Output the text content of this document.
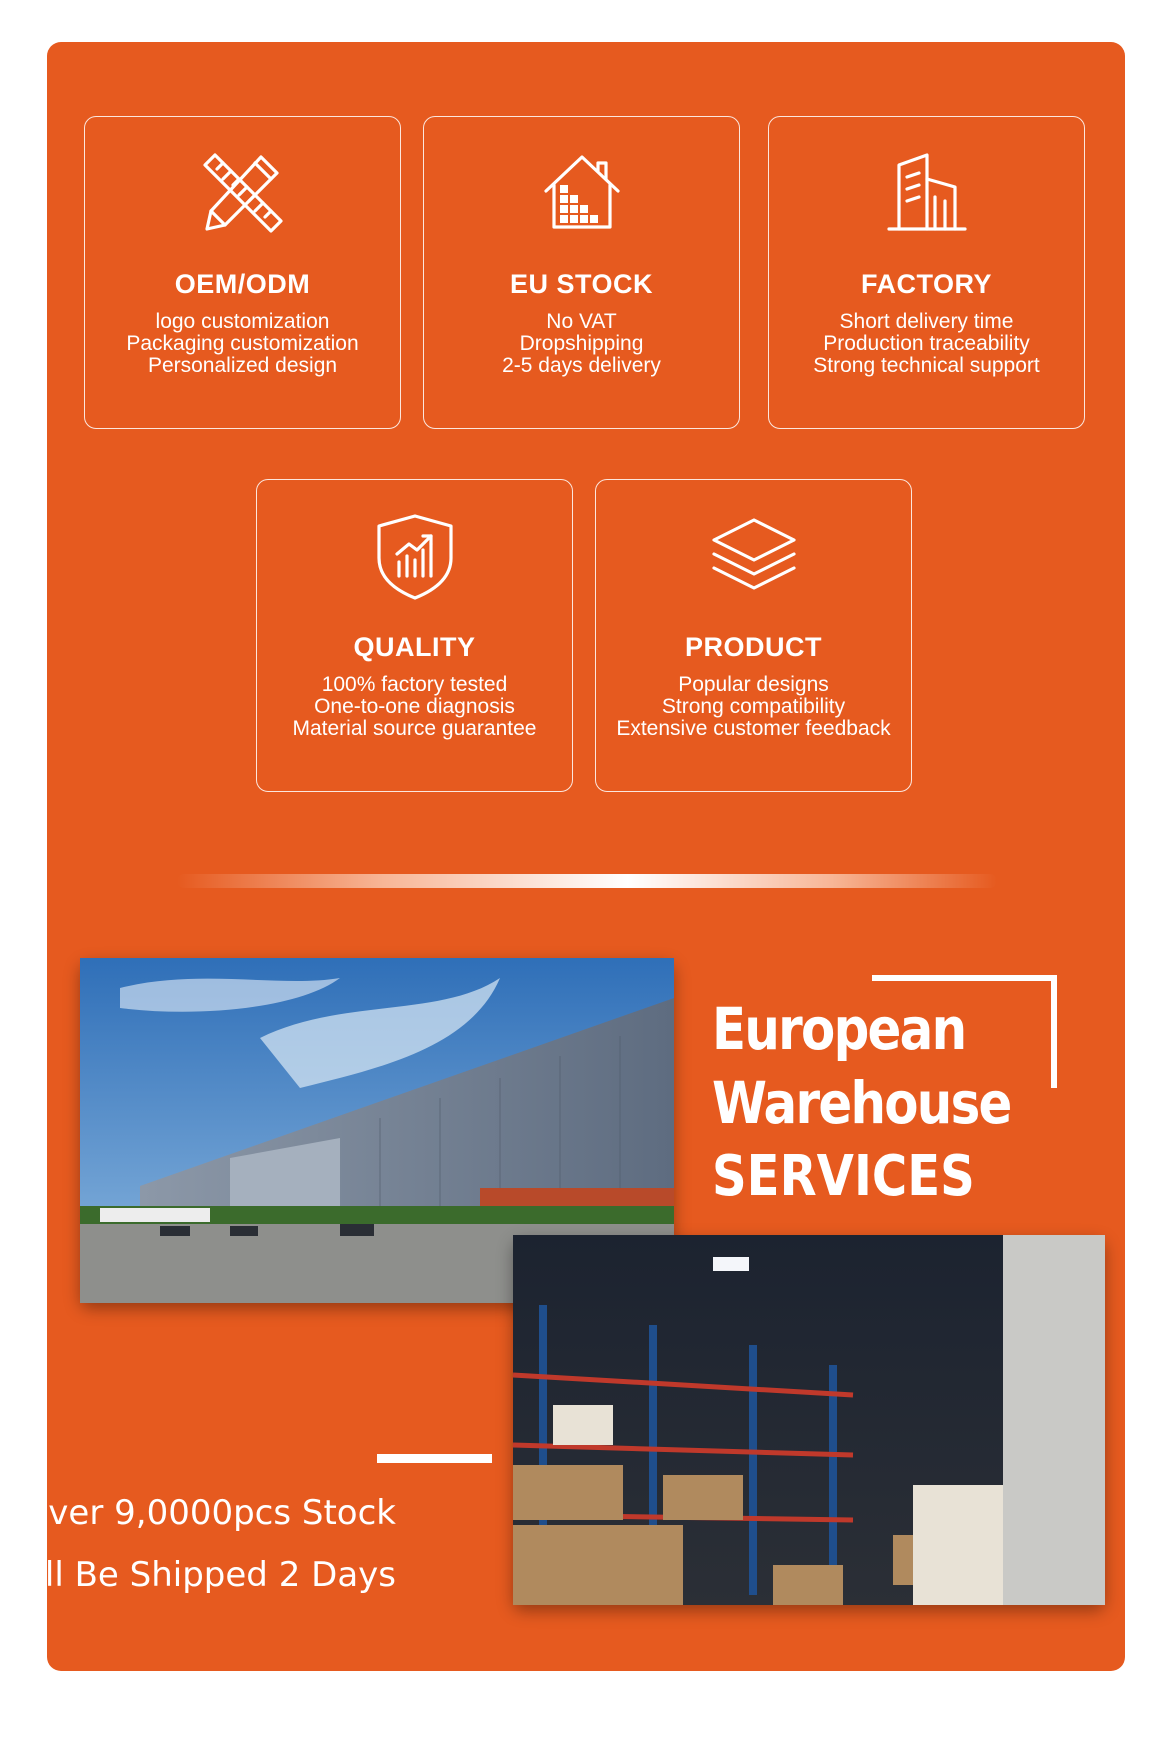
OEM/ODM
logo customization
Packaging customization
Personalized design
EU STOCK
No VAT
Dropshipping
2-5 days delivery
FACTORY
Short delivery time
Production traceability
Strong technical support
QUALITY
100% factory tested
One-to-one diagnosis
Material source guarantee
PRODUCT
Popular designs
Strong compatibility
Extensive customer feedback
European
Warehouse
SERVICES
Over 9,0000pcs Stock
Will Be Shipped 2 Days
